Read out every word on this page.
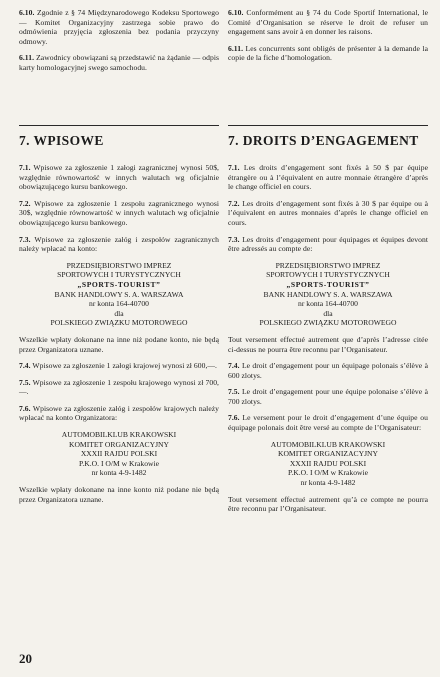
6.10. Zgodnie z § 74 Międzynarodowego Kodeksu Sportowego — Komitet Organizacyjny zastrzega sobie prawo do odmówienia przyjęcia zgłoszenia bez podania przyczyny odmowy.

6.11. Zawodnicy obowiązani są przedstawić na żądanie — odpis karty homologacyjnej swego samochodu.

6.10. Conformément au § 74 du Code Sportif International, le Comité d’Organisation se réserve le droit de refuser un engagement sans avoir à en donner les raisons.

6.11. Les concurrents sont obligés de présenter à la demande la copie de la fiche d’homologation.

7. WPISOWE

7.1. Wpisowe za zgłoszenie 1 załogi zagranicznej wynosi 50$, względnie równowartość w innych walutach wg oficjalnie obowiązującego kursu bankowego.

7.2. Wpisowe za zgłoszenie 1 zespołu zagranicznego wynosi 30$, względnie równowartość w innych walutach wg oficjalnie obowiązującego kursu bankowego.

7.3. Wpisowe za zgłoszenie załóg i zespołów zagranicznych należy wpłacać na konto:

PRZEDSIĘBIORSTWO IMPREZ
SPORTOWYCH I TURYSTYCZNYCH
„SPORTS-TOURIST”
BANK HANDLOWY S. A. WARSZAWA
nr konta 164-40700
dla
POLSKIEGO ZWIĄZKU MOTOROWEGO

Wszelkie wpłaty dokonane na inne niż podane konto, nie będą przez Organizatora uznane.

7.4. Wpisowe za zgłoszenie 1 załogi krajowej wynosi zł 600,—.

7.5. Wpisowe za zgłoszenie 1 zespołu krajowego wynosi zł 700,—.

7.6. Wpisowe za zgłoszenie załóg i zespołów krajowych należy wpłacać na konto Organizatora:

AUTOMOBILKLUB KRAKOWSKI
KOMITET ORGANIZACYJNY
XXXII RAJDU POLSKI
P.K.O. I O/M w Krakowie
nr konta 4-9-1482

Wszelkie wpłaty dokonane na inne konto niż podane nie będą przez Organizatora uznane.

7. DROITS D’ENGAGEMENT

7.1. Les droits d’engagement sont fixés à 50 $ par équipe étrangère ou à l’équivalent en autre monnaie étrangère d’après le change officiel en cours.

7.2. Les droits d’engagement sont fixés à 30 $ par équipe ou à l’équivalent en autres monnaies d’après le change officiel en cours.

7.3. Les droits d’engagement pour équipages et équipes devont être adressés au compte de:

PRZEDSIĘBIORSTWO IMPREZ
SPORTOWYCH I TURYSTYCZNYCH
„SPORTS-TOURIST”
BANK HANDLOWY S. A. WARSZAWA
nr konta 164-40700
dla
POLSKIEGO ZWIĄZKU MOTOROWEGO

Tout versement effectué autrement que d’après l’adresse citée ci-dessus ne pourra être reconnu par l’Organisateur.

7.4. Le droit d’engagement pour un équipage polonais s’élève à 600 zlotys.

7.5. Le droit d’engagement pour une équipe polonaise s’élève à 700 zlotys.

7.6. Le versement pour le droit d’engagement d’une équipe ou équipage polonais doit être versé au compte de l’Organisateur:

AUTOMOBILKLUB KRAKOWSKI
KOMITET ORGANIZACYJNY
XXXII RAJDU POLSKI
P.K.O. I O/M w Krakowie
nr konta 4-9-1482

Tout versement effectué autrement qu’à ce compte ne pourra être reconnu par l’Organisateur.

20
